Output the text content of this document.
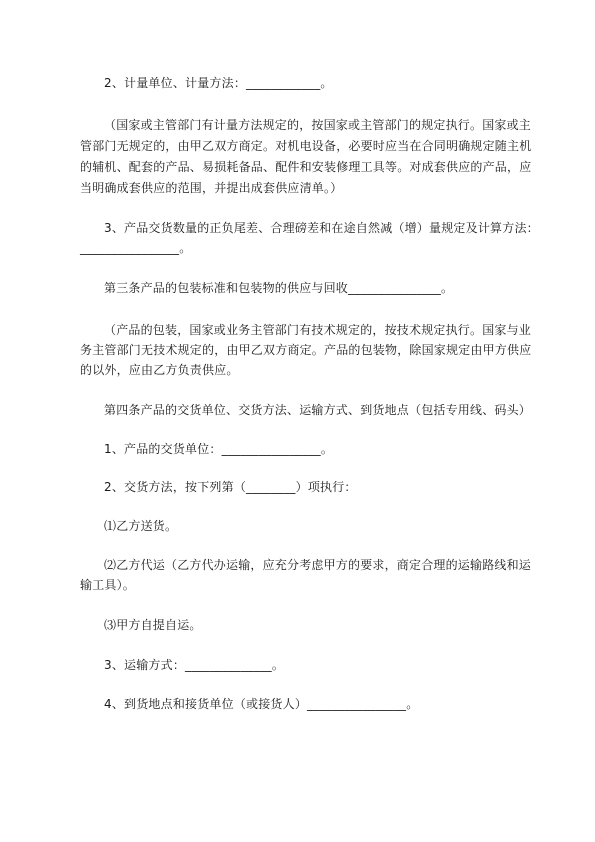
2、计量单位、计量方法：____________。
（国家或主管部门有计量方法规定的，按国家或主管部门的规定执行。国家或主
管部门无规定的，由甲乙双方商定。对机电设备，必要时应当在合同明确规定随主机
的辅机、配套的产品、易损耗备品、配件和安装修理工具等。对成套供应的产品，应
当明确成套供应的范围，并提出成套供应清单。）
3、产品交货数量的正负尾差、合理磅差和在途自然减（增）量规定及计算方法：
________________。
第三条产品的包装标准和包装物的供应与回收_______________。
（产品的包装，国家或业务主管部门有技术规定的，按技术规定执行。国家与业
务主管部门无技术规定的，由甲乙双方商定。产品的包装物，除国家规定由甲方供应
的以外，应由乙方负责供应。
第四条产品的交货单位、交货方法、运输方式、到货地点（包括专用线、码头）
1、产品的交货单位：________________。
2、交货方法，按下列第（________）项执行：
⑴乙方送货。
⑵乙方代运（乙方代办运输，应充分考虑甲方的要求，商定合理的运输路线和运
输工具）。
⑶甲方自提自运。
3、运输方式：______________。
4、到货地点和接货单位（或接货人）________________。
